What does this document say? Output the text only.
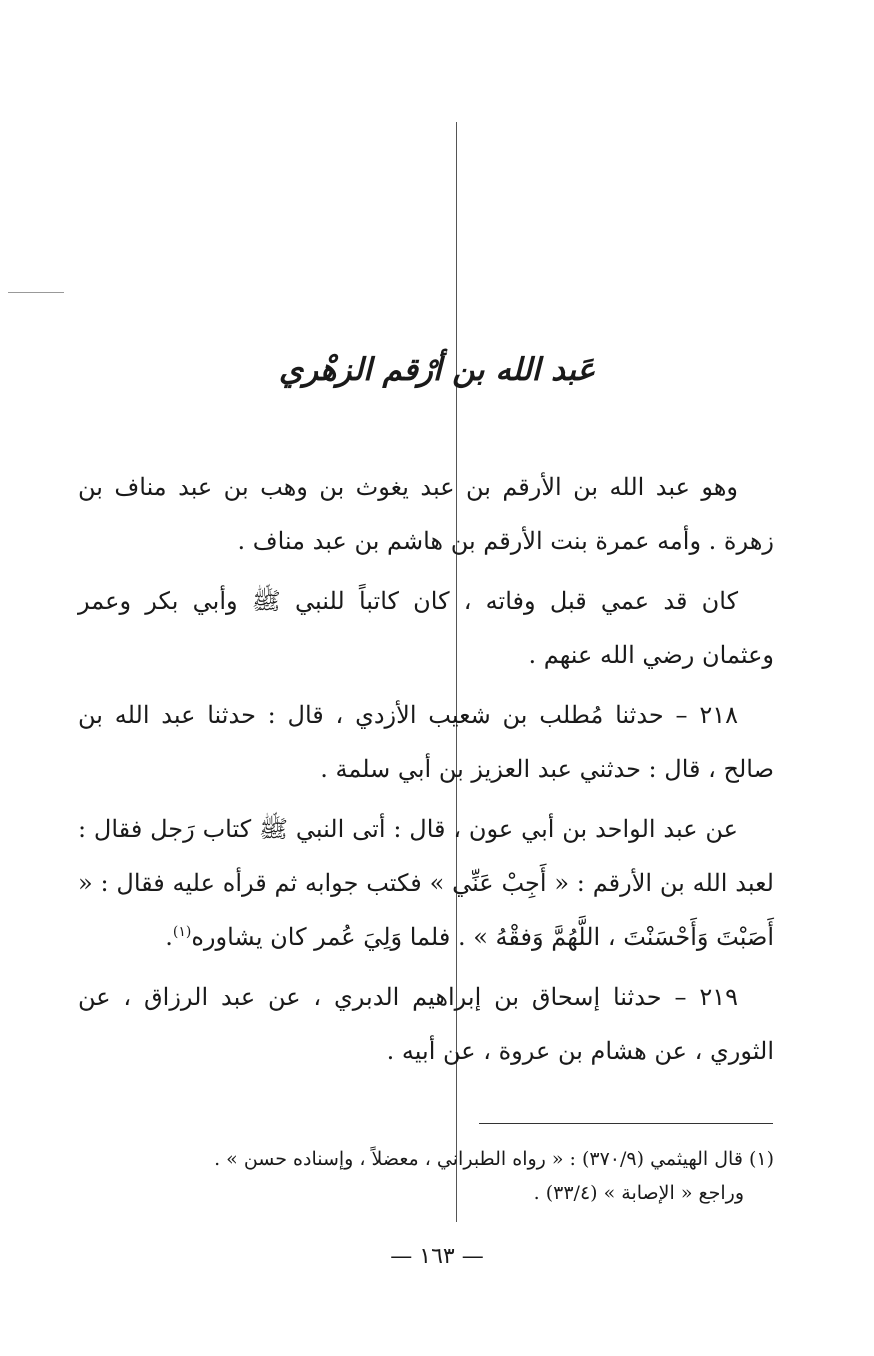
عَبد الله بن أرْقم الزهْري

وهو عبد الله بن الأرقم بن عبد يغوث بن وهب بن عبد مناف بن زهرة . وأمه عمرة بنت الأرقم بن هاشم بن عبد مناف .

كان قد عمي قبل وفاته ، كان كاتباً للنبي ﷺ وأبي بكر وعمر وعثمان رضي الله عنهم .

٢١٨ – حدثنا مُطلب بن شعيب الأزدي ، قال : حدثنا عبد الله بن صالح ، قال : حدثني عبد العزيز بن أبي سلمة .

عن عبد الواحد بن أبي عون ، قال : أتى النبي ﷺ كتاب رَجل فقال : لعبد الله بن الأرقم : « أَجِبْ عَنِّي » فكتب جوابه ثم قرأه عليه فقال : « أَصَبْتَ وَأَحْسَنْتَ ، اللَّهُمَّ وَفقْهُ » . فلما وَلِيَ عُمر كان يشاوره$^{(١)}$.

٢١٩ – حدثنا إسحاق بن إبراهيم الدبري ، عن عبد الرزاق ، عن الثوري ، عن هشام بن عروة ، عن أبيه .

(١) قال الهيثمي (٣٧٠/٩) : « رواه الطبراني ، معضلاً ، وإسناده حسن » .

وراجع « الإصابة » (٣٣/٤) .

— ١٦٣ —
